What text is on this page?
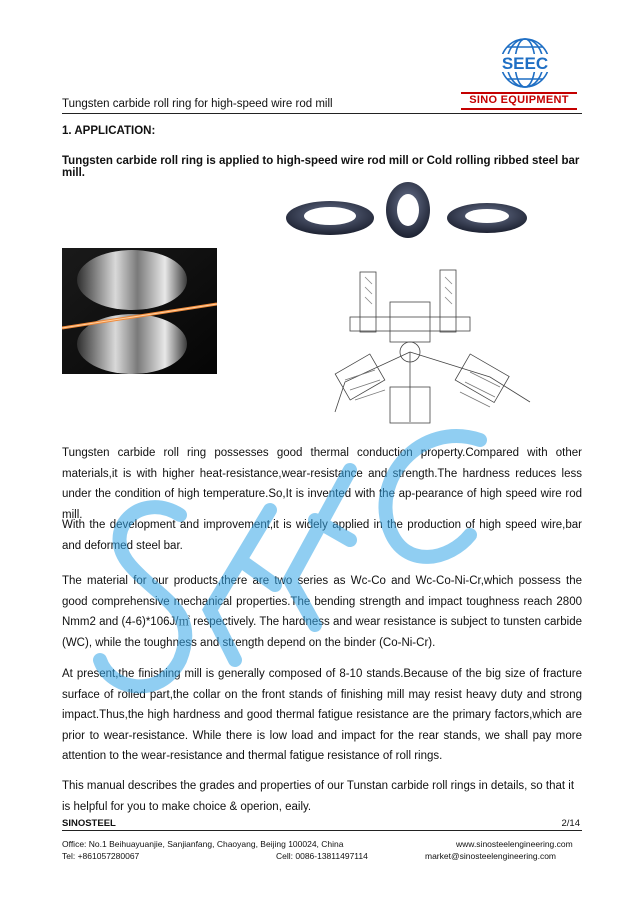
Tungsten carbide roll ring for high-speed wire rod mill
SEEC
SINO EQUIPMENT
1. APPLICATION:
Tungsten carbide roll ring is applied to high-speed wire rod mill or Cold rolling ribbed steel bar mill.
Tungsten carbide roll ring possesses good thermal conduction property.Compared with other materials,it is with higher heat-resistance,wear-resistance and strength.The hardness reduces less under the condition of high temperature.So,It is invented with the ap-pearance of high speed wire rod mill.
With the development and improvement,it is widely applied in the production of high speed wire,bar and deformed steel bar.
The material for our products,there are two series as Wc-Co and Wc-Co-Ni-Cr,which possess the good comprehensive mechanical properties.The bending strength and impact toughness reach 2800 Nmm2 and (4-6)*106J/㎡ respectively. The hardness and wear resistance is subject to tunsten carbide (WC), while the toughness and strength depend on the binder (Co-Ni-Cr).
At present,the finishing mill is generally composed of 8-10 stands.Because of the big size of fracture surface of rolled part,the collar on the front stands of finishing mill may resist heavy duty and strong impact.Thus,the high hardness and good thermal fatigue resistance are the primary factors,which are prior to wear-resistance. While there is low load and impact for the rear stands, we shall pay more attention to the wear-resistance and thermal fatigue resistance of roll rings.
This manual describes the grades and properties of our Tunstan carbide roll rings in details, so that it is helpful for you to make choice & operion, eaily.
SINOSTEEL	2/14
Office: No.1 Beihuayuanjie, Sanjianfang, Chaoyang, Beijing 100024, China	www.sinosteelengineering.com
Tel: +861057280067	Cell: 0086-13811497114	market@sinosteelengineering.com
